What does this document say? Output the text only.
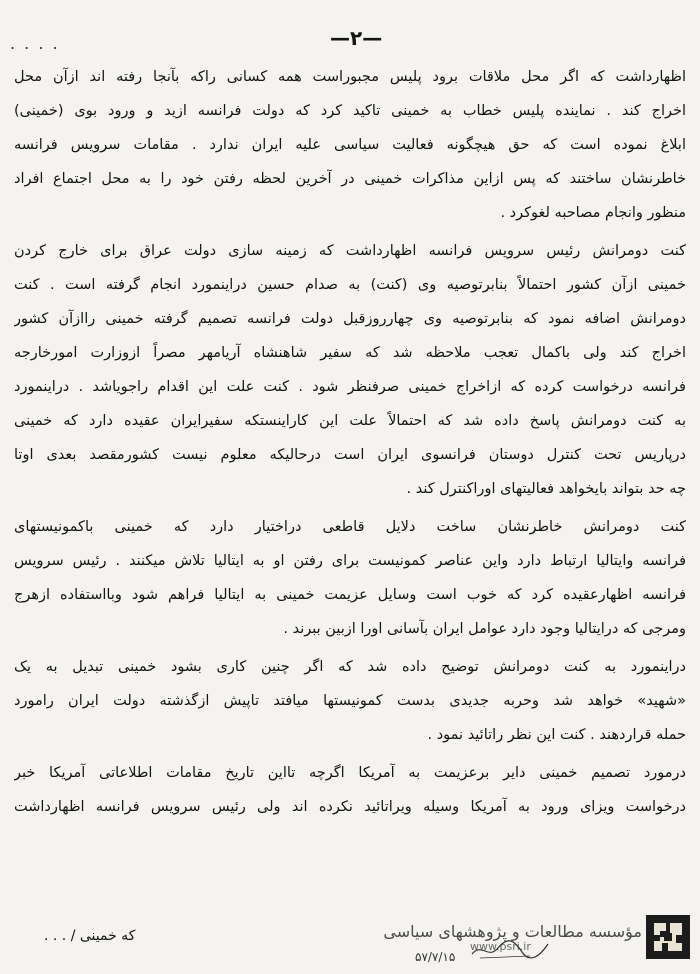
. . . .	—٢—
اظهارداشت که اگر محل ملاقات برود پلیس مجبوراست همه کسانی راکه بآنجا رفته اند ازآن محل
اخراج کند . نماینده پلیس خطاب به خمینی تاکید کرد که دولت فرانسه ازید و ورود بوی (خمینی)
ابلاغ نموده است که حق هیچگونه فعالیت سیاسی علیه ایران ندارد . مقامات سرویس فرانسه
خاطرنشان ساختند که پس ازاین مذاکرات خمینی در آخرین لحظه رفتن خود را به محل اجتماع افراد
منظور وانجام مصاحبه لغوکرد .
کنت دومرانش رئیس سرویس فرانسه اظهارداشت که زمینه سازی دولت عراق برای خارج کردن
خمینی ازآن کشور احتمالاً بنابرتوصیه وی (کنت) به صدام حسین دراینمورد انجام گرفته است . کنت
دومرانش اضافه نمود که بنابرتوصیه وی چهارروزقبل دولت فرانسه تصمیم گرفته خمینی راازآن کشور
اخراج کند ولی باکمال تعجب ملاحظه شد که سفیر شاهنشاه آریامهر مصراً ازوزارت امورخارجه
فرانسه درخواست کرده که ازاخراج خمینی صرفنظر شود . کنت علت این اقدام راجویاشد . دراینمورد
به کنت دومرانش پاسخ داده شد که احتمالاً علت این کاراینستکه سفیرایران عقیده دارد که خمینی
درپاریس تحت کنترل دوستان فرانسوی ایران است درحالیکه معلوم نیست کشورمقصد بعدی اوتا
چه حد بتواند بایخواهد فعالیتهای اوراکنترل کند .
کنت دومرانش خاطرنشان ساخت دلایل قاطعی دراختیار دارد که خمینی باکمونیستهای
فرانسه وایتالیا ارتباط دارد واین عناصر کمونیست برای رفتن او به ایتالیا تلاش میکنند . رئیس سرویس
فرانسه اظهارعقیده کرد که خوب است وسایل عزیمت خمینی به ایتالیا فراهم شود وبااستفاده ازهرج
ومرجی که درایتالیا وجود دارد عوامل ایران بآسانی اورا ازبین ببرند .
دراینمورد به کنت دومرانش توضیح داده شد که اگر چنین کاری بشود خمینی تبدیل به یک
«شهید» خواهد شد وحربه جدیدی بدست کمونیستها میافتد تاپیش ازگذشته دولت ایران رامورد
حمله قراردهند . کنت این نظر راتائید نمود .
درمورد تصمیم خمینی دایر برعزیمت به آمریکا اگرچه تااین تاریخ مقامات اطلاعاتی آمریکا خبر
درخواست ویزای ورود به آمریکا وسیله ویراتائید نکرده اند ولی رئیس سرویس فرانسه اظهارداشت
که خمینی / . . .
۵۷/۷/۱۵
مؤسسه مطالعات و پژوهشهای سیاسی
www.psri.ir
